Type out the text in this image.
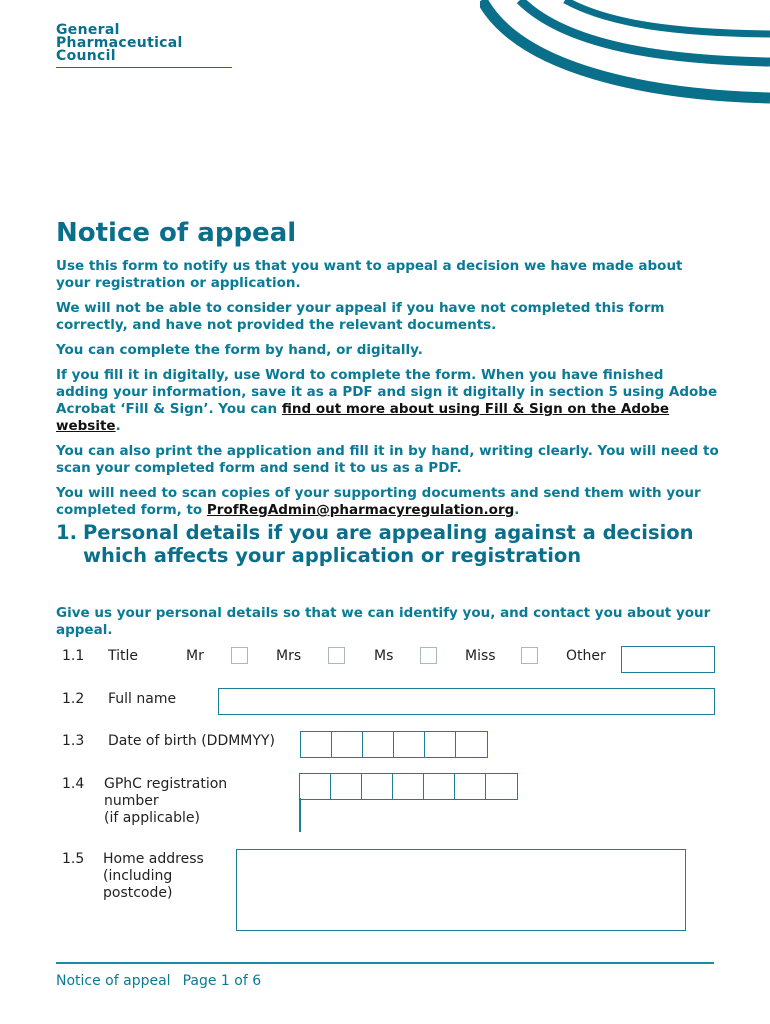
General
Pharmaceutical
Council
Notice of appeal

Use this form to notify us that you want to appeal a decision we have made about your registration or application.

We will not be able to consider your appeal if you have not completed this form correctly, and have not provided the relevant documents.

You can complete the form by hand, or digitally.

If you fill it in digitally, use Word to complete the form. When you have finished adding your information, save it as a PDF and sign it digitally in section 5 using Adobe Acrobat ‘Fill & Sign’. You can find out more about using Fill & Sign on the Adobe website.

You can also print the application and fill it in by hand, writing clearly. You will need to scan your completed form and send it to us as a PDF.

You will need to scan copies of your supporting documents and send them with your completed form, to ProfRegAdmin@pharmacyregulation.org.

1. Personal details if you are appealing against a decision which affects your application or registration
Give us your personal details so that we can identify you, and contact you about your appeal.
1.1 Title	Mr	Mrs	Ms	Miss	Other
1.2 Full name
1.3 Date of birth (DDMMYY)
1.4 GPhC registration
number
(if applicable)
1.5 Home address
(including
postcode)
Notice of appeal Page 1 of 6
